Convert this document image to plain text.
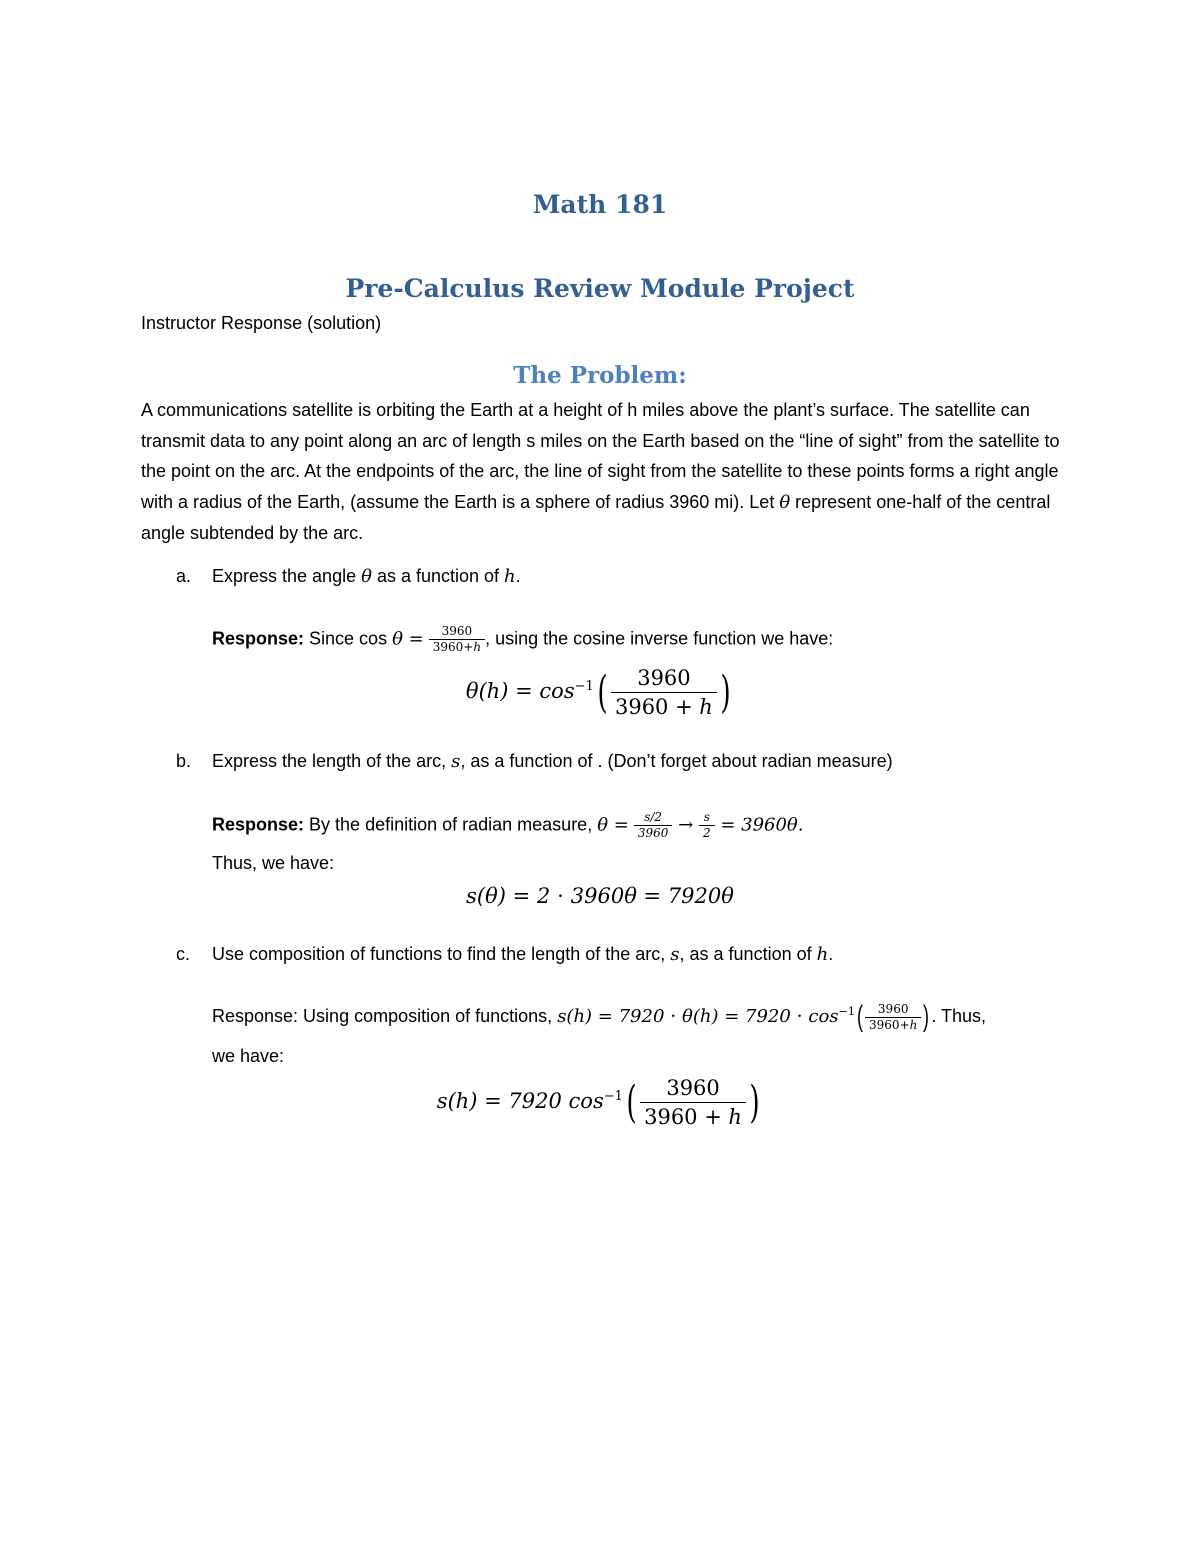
Math 181
Pre-Calculus Review Module Project
Instructor Response (solution)
The Problem:

A communications satellite is orbiting the Earth at a height of h miles above the plant’s surface. The satellite can transmit data to any point along an arc of length s miles on the Earth based on the “line of sight” from the satellite to the point on the arc. At the endpoints of the arc, the line of sight from the satellite to these points forms a right angle with a radius of the Earth, (assume the Earth is a sphere of radius 3960 mi). Let θ represent one-half of the central angle subtended by the arc.

a. Express the angle θ as a function of h.
Response: Since $\cos \theta = \frac{3960}{\text{3960+ℎ}}$ , using the cosine inverse function we have:
θ(ℎ) = $\cos^{-1}( \frac{3960}{\text{3960 + ℎ}}$ )
b. Express the length of the arc, s, as a function of . (Don’t forget about radian measure)
Response: By the definition of radian measure, $\theta = \frac{s/2}{3960} \to \frac{s}{2} = 3960\theta$.
Thus, we have:
s(θ) = 2 ⋅ 3960θ = 7920θ
c. Use composition of functions to find the length of the arc, s, as a function of h.
Response: Using composition of functions, s(ℎ) = 7920 ⋅ θ(ℎ) = $7920 \cdot \cos^{-1}( \frac{3960}{\text{3960+ℎ}}$ ) . Thus,
we have:
s(ℎ) = 7920 $\cos^{-1}( \frac{3960}{\text{3960 + ℎ}}$ )
